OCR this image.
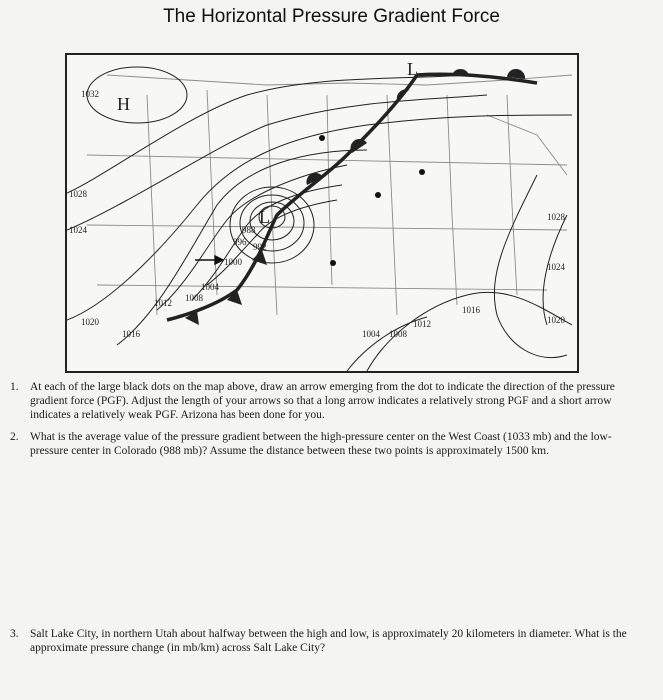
The Horizontal Pressure Gradient Force
H
L
L
1032
1028
1024
1020
1016
1012 1008
1004
1000
996 992
988
1028
1024
1020
1016
1012
1004 1008
1. At each of the large black dots on the map above, draw an arrow emerging from the dot to indicate the direction of the pressure gradient force (PGF). Adjust the length of your arrows so that a long arrow indicates a relatively strong PGF and a short arrow indicates a relatively weak PGF. Arizona has been done for you.
2. What is the average value of the pressure gradient between the high-pressure center on the West Coast (1033 mb) and the low-pressure center in Colorado (988 mb)? Assume the distance between these two points is approximately 1500 km.
3. Salt Lake City, in northern Utah about halfway between the high and low, is approximately 20 kilometers in diameter. What is the approximate pressure change (in mb/km) across Salt Lake City?
